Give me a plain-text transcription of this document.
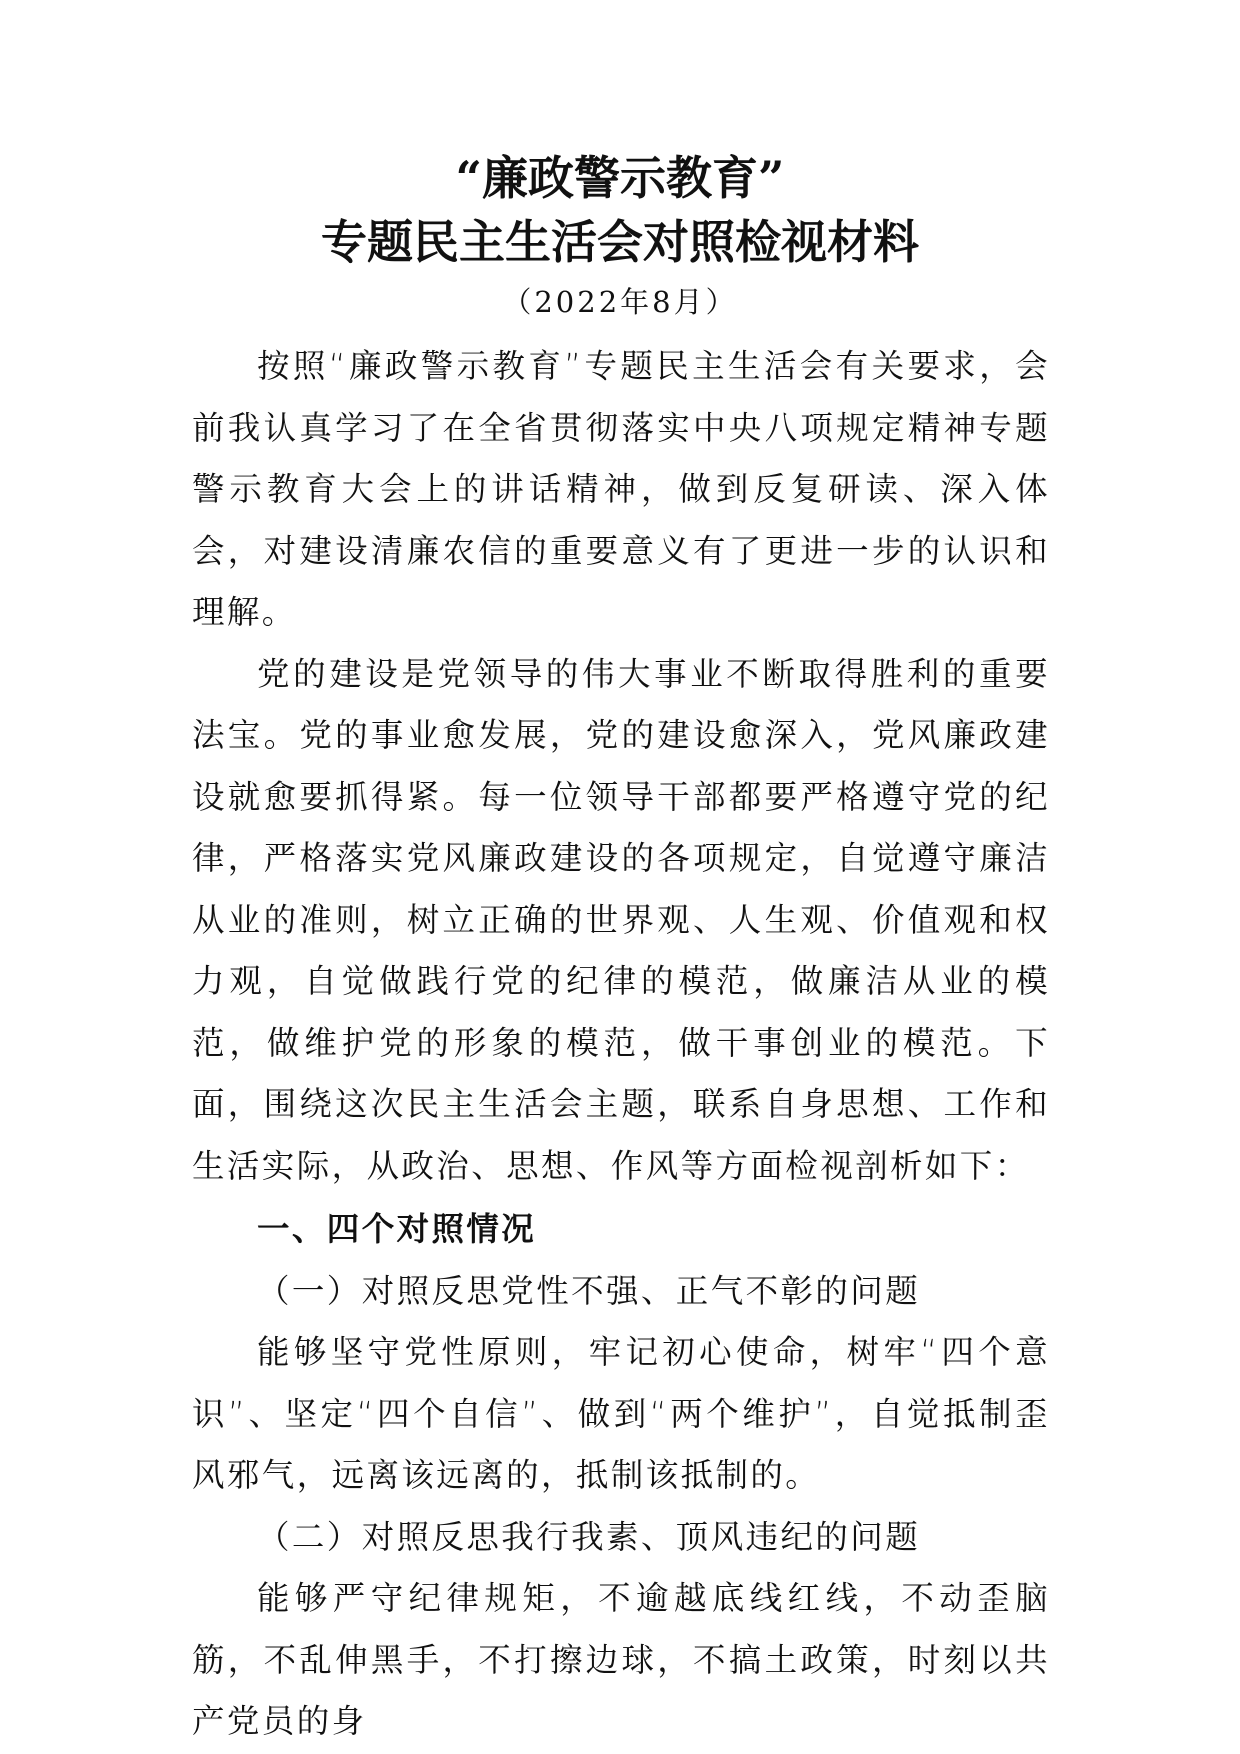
“廉政警示教育”
专题民主生活会对照检视材料
（2022年8月）

按照“廉政警示教育”专题民主生活会有关要求，会前我认真学习了在全省贯彻落实中央八项规定精神专题警示教育大会上的讲话精神，做到反复研读、深入体会，对建设清廉农信的重要意义有了更进一步的认识和理解。

党的建设是党领导的伟大事业不断取得胜利的重要法宝。党的事业愈发展，党的建设愈深入，党风廉政建设就愈要抓得紧。每一位领导干部都要严格遵守党的纪律，严格落实党风廉政建设的各项规定，自觉遵守廉洁从业的准则，树立正确的世界观、人生观、价值观和权力观，自觉做践行党的纪律的模范，做廉洁从业的模范，做维护党的形象的模范，做干事创业的模范。下面，围绕这次民主生活会主题，联系自身思想、工作和生活实际，从政治、思想、作风等方面检视剖析如下：

一、四个对照情况

（一）对照反思党性不强、正气不彰的问题

能够坚守党性原则，牢记初心使命，树牢“四个意识”、坚定“四个自信”、做到“两个维护”，自觉抵制歪风邪气，远离该远离的，抵制该抵制的。

（二）对照反思我行我素、顶风违纪的问题

能够严守纪律规矩，不逾越底线红线，不动歪脑筋，不乱伸黑手，不打擦边球，不搞土政策，时刻以共产党员的身
